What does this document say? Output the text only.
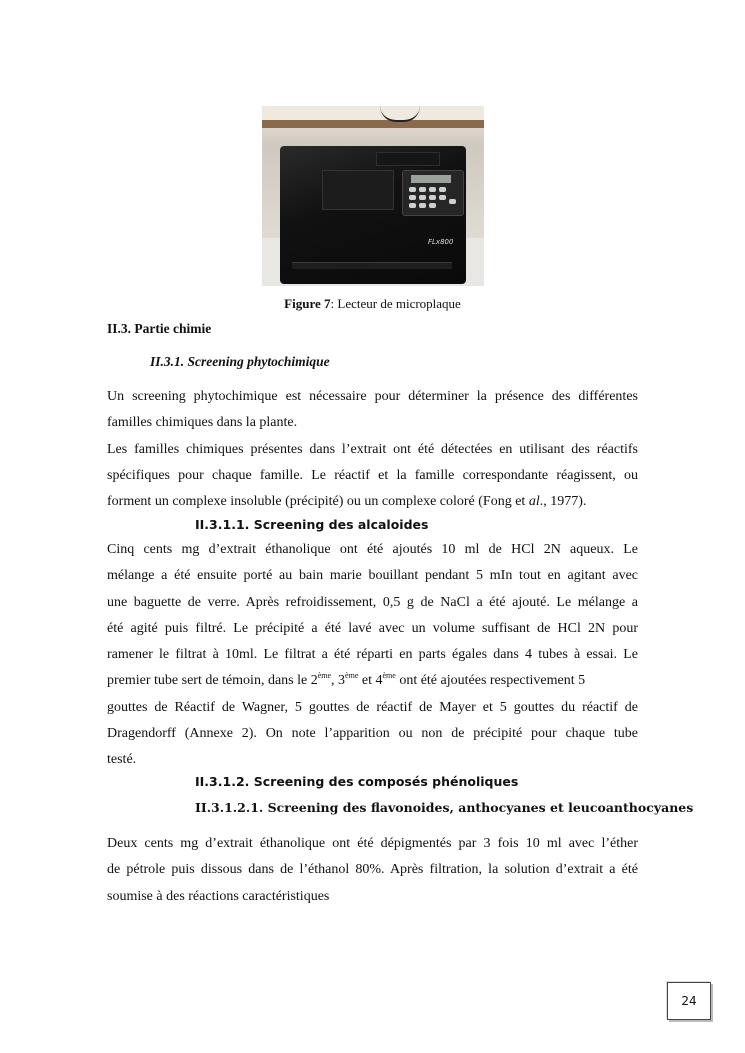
FLx800
Figure 7: Lecteur de microplaque
II.3. Partie chimie
II.3.1. Screening phytochimique
Un screening phytochimique est nécessaire pour déterminer la présence des différentes
familles chimiques dans la plante.
Les familles chimiques présentes dans l’extrait ont été détectées en utilisant des réactifs
spécifiques pour chaque famille. Le réactif et la famille correspondante réagissent, ou
forment un complexe insoluble (précipité) ou un complexe coloré (Fong et al., 1977).
II.3.1.1. Screening des alcaloides
Cinq cents mg d’extrait éthanolique ont été ajoutés 10 ml de HCl 2N aqueux. Le
mélange a été ensuite porté au bain marie bouillant pendant 5 mIn tout en agitant avec
une baguette de verre. Après refroidissement, 0,5 g de NaCl a été ajouté. Le mélange a
été agité puis filtré. Le précipité a été lavé avec un volume suffisant de HCl 2N pour
ramener le filtrat à 10ml. Le filtrat a été réparti en parts égales dans 4 tubes à essai. Le
premier tube sert de témoin, dans le 2ème, 3ème et 4ème ont été ajoutées respectivement 5
gouttes de Réactif de Wagner, 5 gouttes de réactif de Mayer et 5 gouttes du réactif de
Dragendorff (Annexe 2). On note l’apparition ou non de précipité pour chaque tube
testé.
II.3.1.2. Screening des composés phénoliques
II.3.1.2.1. Screening des flavonoides, anthocyanes et leucoanthocyanes
Deux cents mg d’extrait éthanolique ont été dépigmentés par 3 fois 10 ml avec l’éther
de pétrole puis dissous dans de l’éthanol 80%. Après filtration, la solution d’extrait a été
soumise à des réactions caractéristiques
24
